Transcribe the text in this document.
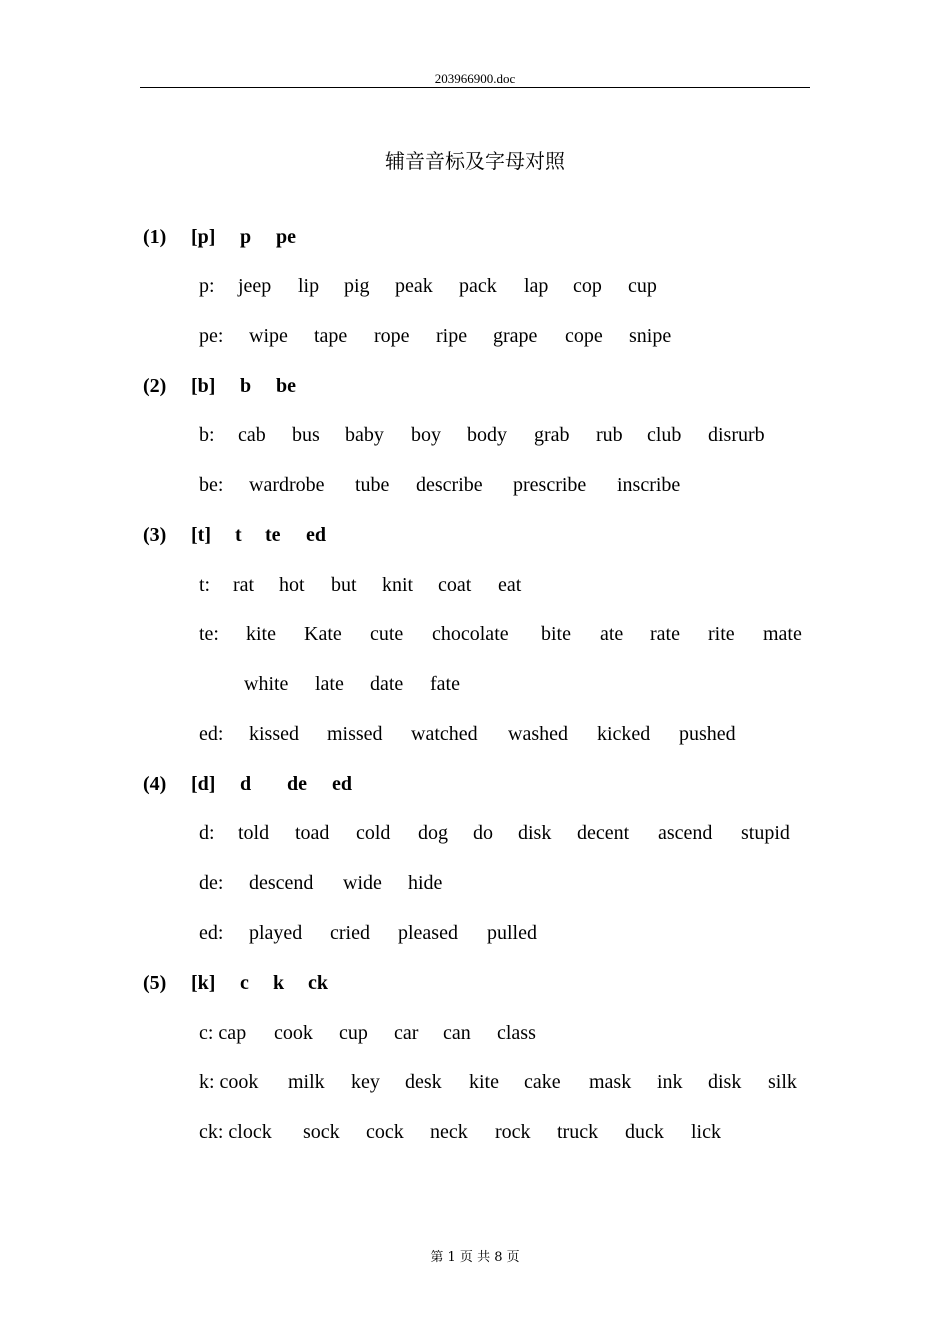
203966900.doc
辅音音标及字母对照
(1) [p] p pe
p: jeep lip pig peak pack lap cop cup
pe: wipe tape rope ripe grape cope snipe
(2) [b] b be
b: cab bus baby boy body grab rub club disrurb
be: wardrobe tube describe prescribe inscribe
(3) [t] t te ed
t: rat hot but knit coat eat
te: kite Kate cute chocolate bite ate rate rite mate
white late date fate
ed: kissed missed watched washed kicked pushed
(4) [d] d de ed
d: told toad cold dog do disk decent ascend stupid
de: descend wide hide
ed: played cried pleased pulled
(5) [k] c k ck
c: cap cook cup car can class
k: cook milk key desk kite cake mask ink disk silk
ck: clock sock cock neck rock truck duck lick
第 1 页 共 8 页
